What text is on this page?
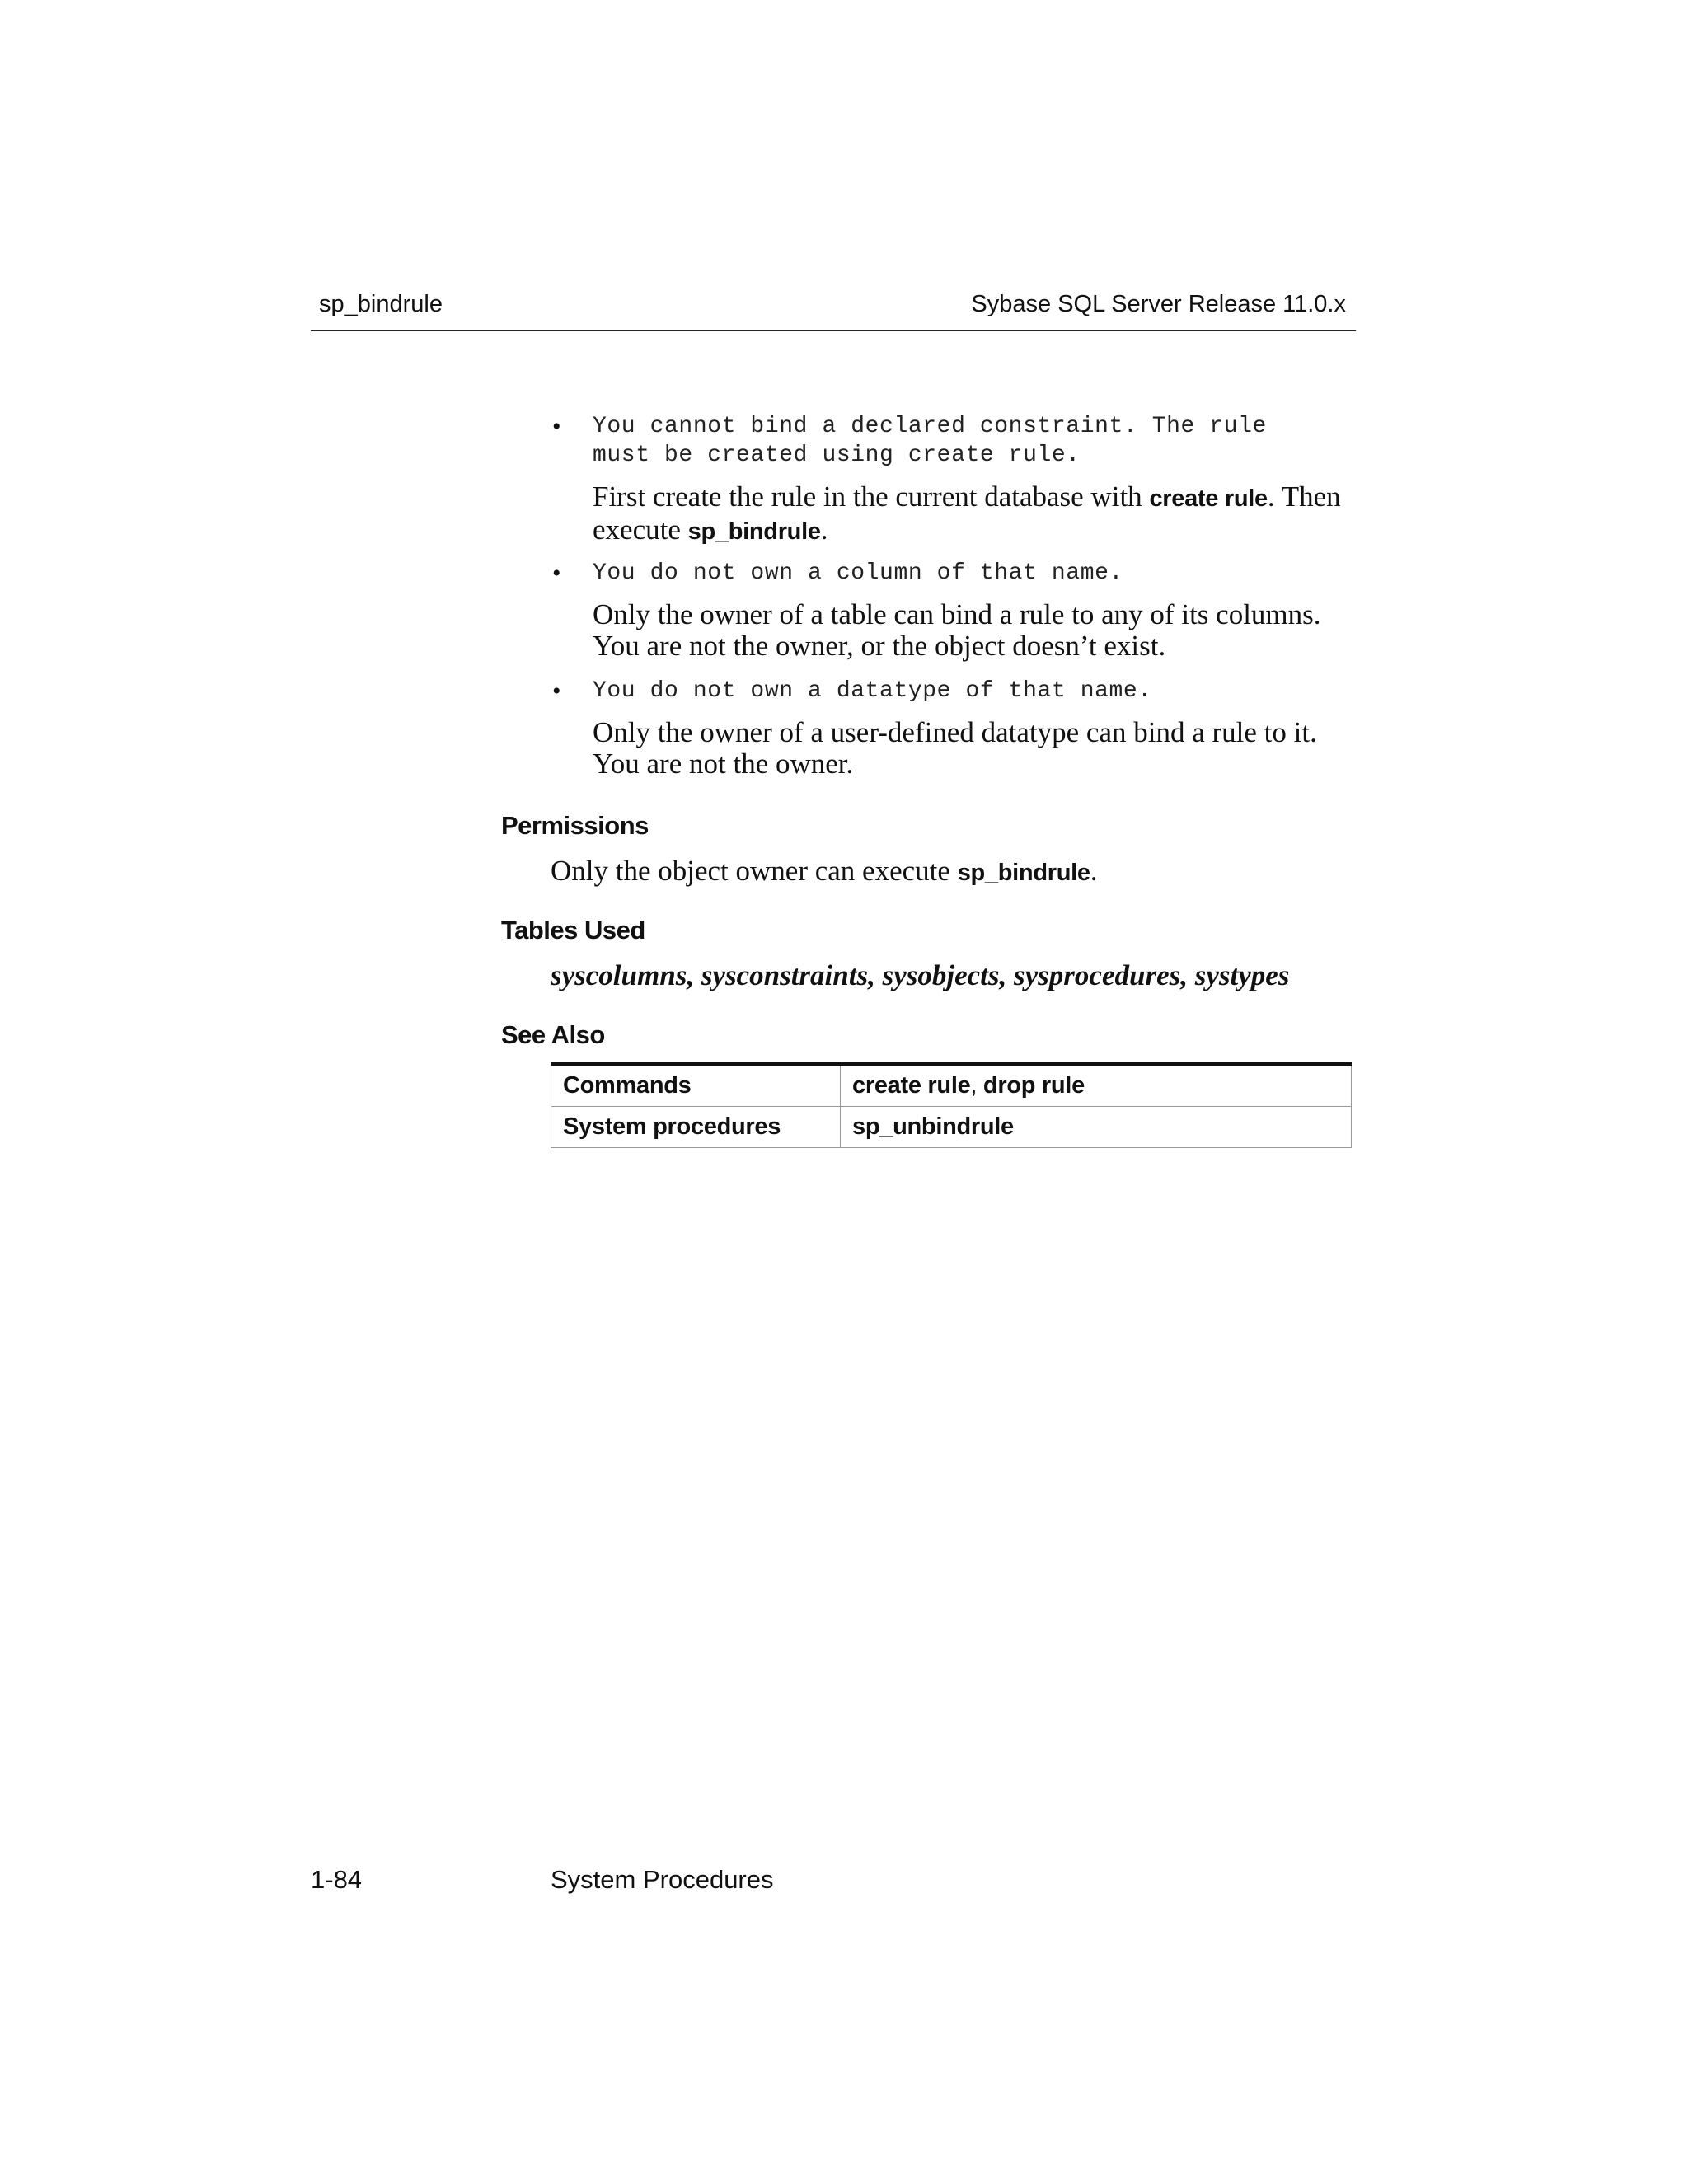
sp_bindrule	Sybase SQL Server Release 11.0.x
• You cannot bind a declared constraint. The rule
must be created using create rule.
First create the rule in the current database with create rule. Then execute sp_bindrule.
• You do not own a column of that name.
Only the owner of a table can bind a rule to any of its columns.
You are not the owner, or the object doesn’t exist.
• You do not own a datatype of that name.
Only the owner of a user-defined datatype can bind a rule to it.
You are not the owner.
Permissions
Only the object owner can execute sp_bindrule.
Tables Used
syscolumns, sysconstraints, sysobjects, sysprocedures, systypes
See Also
Commands	create rule, drop rule
System procedures	sp_unbindrule
1-84	System Procedures
